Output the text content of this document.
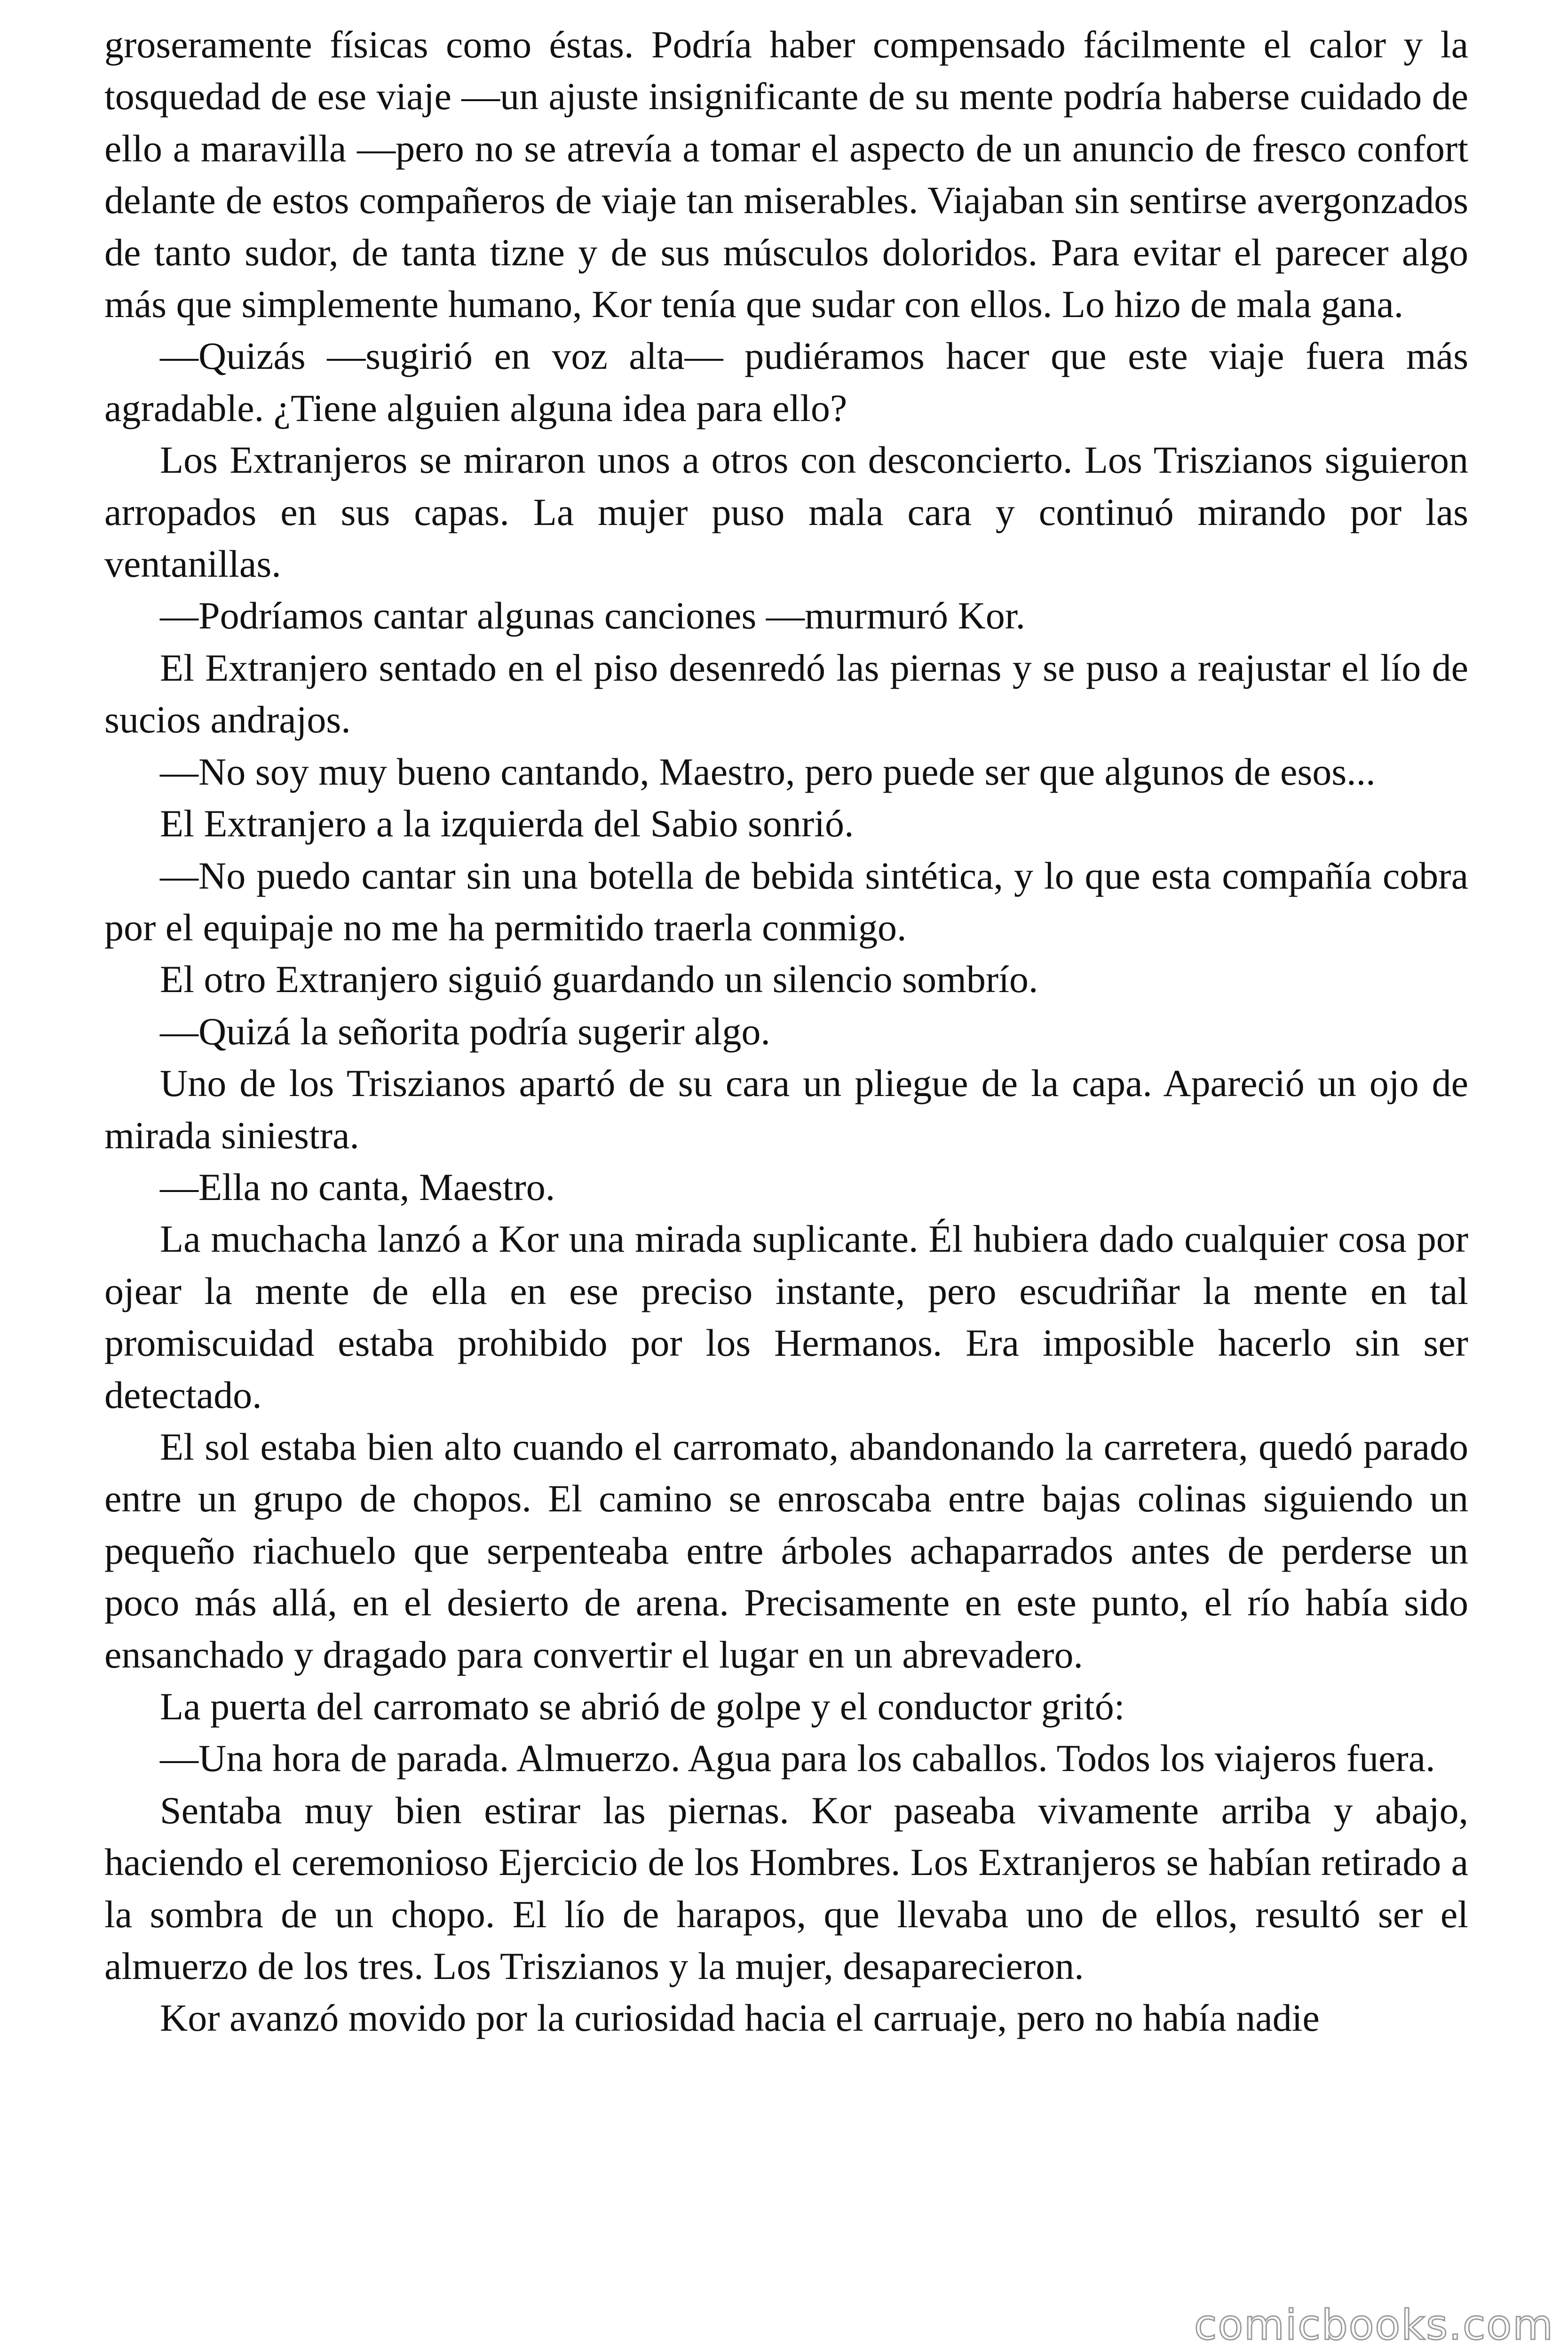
groseramente físicas como éstas. Podría haber compensado fácilmente el calor y la tosquedad de ese viaje —un ajuste insignificante de su mente podría haberse cuidado de ello a maravilla —pero no se atrevía a tomar el aspecto de un anuncio de fresco confort delante de estos compañeros de viaje tan miserables. Viajaban sin sentirse avergonzados de tanto sudor, de tanta tizne y de sus músculos doloridos. Para evitar el parecer algo más que simplemente humano, Kor tenía que sudar con ellos. Lo hizo de mala gana.

—Quizás —sugirió en voz alta— pudiéramos hacer que este viaje fuera más agradable. ¿Tiene alguien alguna idea para ello?

Los Extranjeros se miraron unos a otros con desconcierto. Los Triszianos siguieron arropados en sus capas. La mujer puso mala cara y continuó mirando por las ventanillas.

—Podríamos cantar algunas canciones —murmuró Kor.

El Extranjero sentado en el piso desenredó las piernas y se puso a reajustar el lío de sucios andrajos.

—No soy muy bueno cantando, Maestro, pero puede ser que algunos de esos...

El Extranjero a la izquierda del Sabio sonrió.

—No puedo cantar sin una botella de bebida sintética, y lo que esta compañía cobra por el equipaje no me ha permitido traerla conmigo.

El otro Extranjero siguió guardando un silencio sombrío.

—Quizá la señorita podría sugerir algo.

Uno de los Triszianos apartó de su cara un pliegue de la capa. Apareció un ojo de mirada siniestra.

—Ella no canta, Maestro.

La muchacha lanzó a Kor una mirada suplicante. Él hubiera dado cualquier cosa por ojear la mente de ella en ese preciso instante, pero escudriñar la mente en tal promiscuidad estaba prohibido por los Hermanos. Era imposible hacerlo sin ser detectado.

El sol estaba bien alto cuando el carromato, abandonando la carretera, quedó parado entre un grupo de chopos. El camino se enroscaba entre bajas colinas siguiendo un pequeño riachuelo que serpenteaba entre árboles achaparrados antes de perderse un poco más allá, en el desierto de arena. Precisamente en este punto, el río había sido ensanchado y dragado para convertir el lugar en un abrevadero.

La puerta del carromato se abrió de golpe y el conductor gritó:

—Una hora de parada. Almuerzo. Agua para los caballos. Todos los viajeros fuera.

Sentaba muy bien estirar las piernas. Kor paseaba vivamente arriba y abajo, haciendo el ceremonioso Ejercicio de los Hombres. Los Extranjeros se habían retirado a la sombra de un chopo. El lío de harapos, que llevaba uno de ellos, resultó ser el almuerzo de los tres. Los Triszianos y la mujer, desaparecieron.

Kor avanzó movido por la curiosidad hacia el carruaje, pero no había nadie

comicbooks.com
